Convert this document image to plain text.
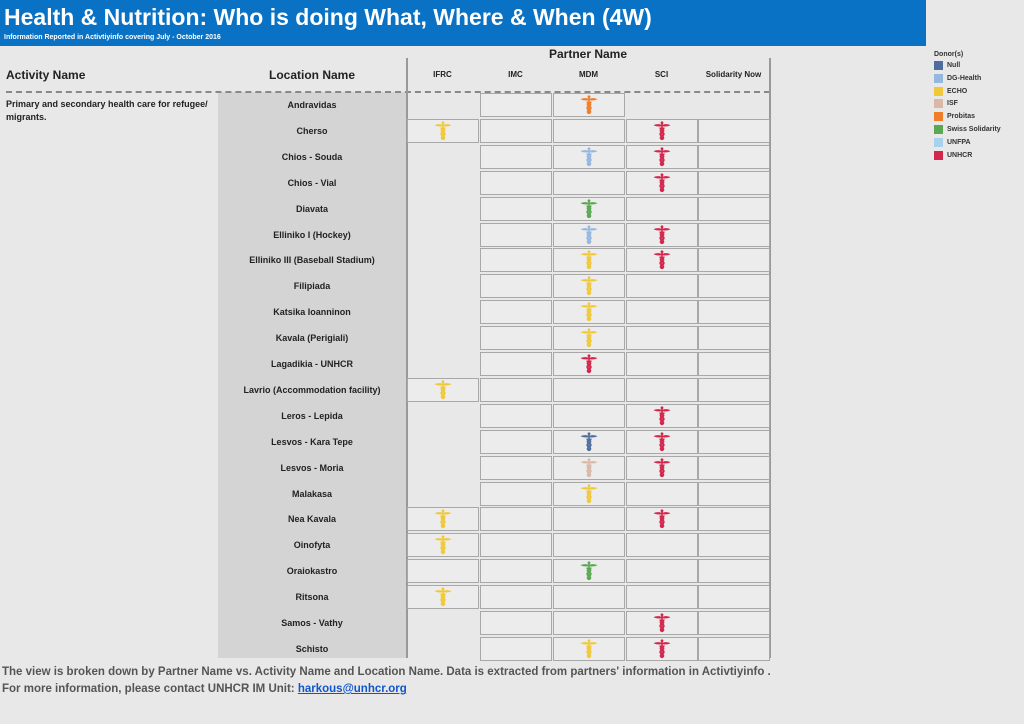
Health & Nutrition: Who is doing What, Where & When (4W)
Information Reported in Activtiyinfo covering July - October 2016
Partner Name
Activity Name	Location Name	IFRC	IMC	MDM	SCI	Solidarity Now
Primary and secondary health care for refugee/ migrants.
Andravidas
Cherso
Chios - Souda
Chios - Vial
Diavata
Elliniko I (Hockey)
Elliniko III (Baseball Stadium)
Filipiada
Katsika Ioanninon
Kavala (Perigiali)
Lagadikia - UNHCR
Lavrio (Accommodation facility)
Leros - Lepida
Lesvos - Kara Tepe
Lesvos - Moria
Malakasa
Nea Kavala
Oinofyta
Oraiokastro
Ritsona
Samos - Vathy
Schisto
Donor(s)
Null
DG-Health
ECHO
ISF
Probitas
Swiss Solidarity
UNFPA
UNHCR
The view is broken down by Partner Name vs. Activity Name and Location Name. Data is extracted from partners' information in Activtiyinfo .
For more information, please contact UNHCR IM Unit: harkous@unhcr.org
